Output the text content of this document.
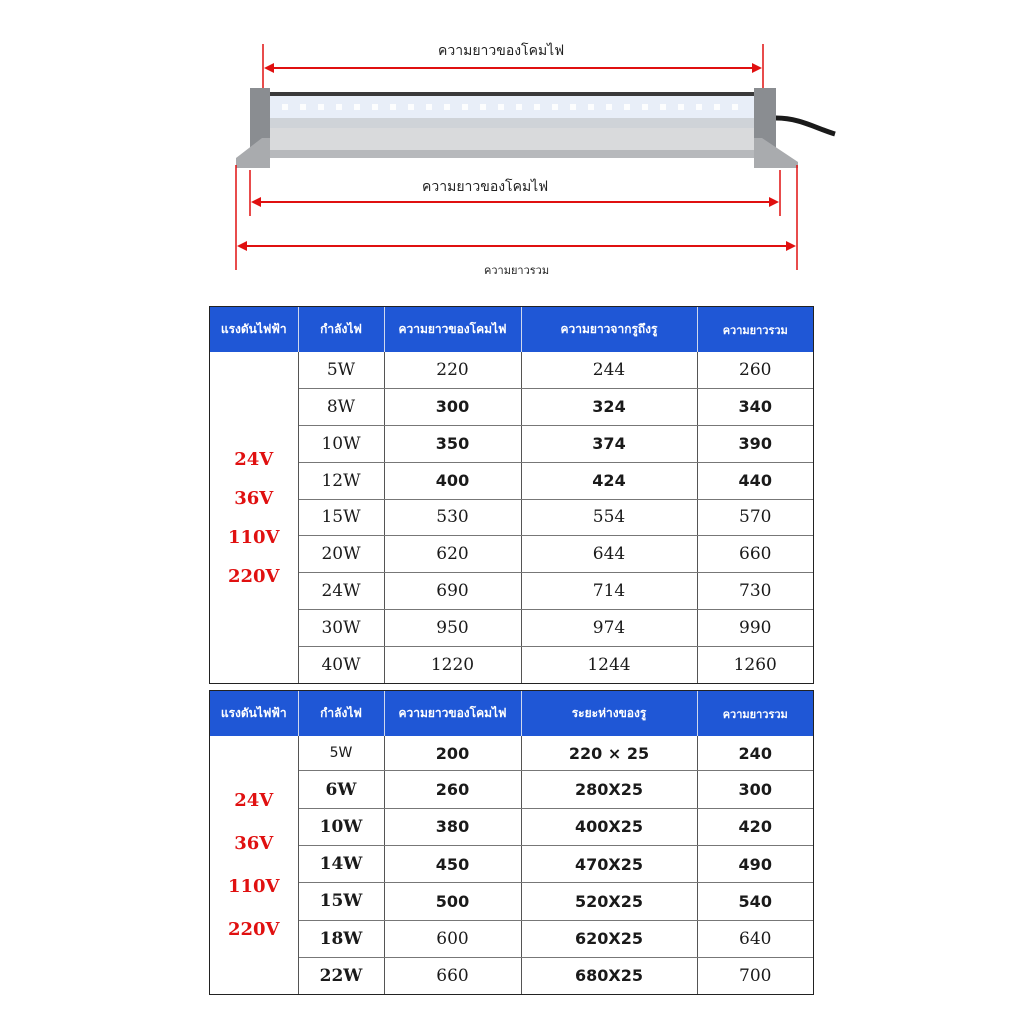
ความยาวของโคมไฟ
ความยาวของโคมไฟ
ความยาวรวม
แรงดันไฟฟ้า	กำลังไฟ	ความยาวของโคมไฟ	ความยาวจากรูถึงรู	ความยาวรวม

24V
36V
110V
220V	5W	220	244	260
	8W	300	324	340
	10W	350	374	390
	12W	400	424	440
	15W	530	554	570
	20W	620	644	660
	24W	690	714	730
	30W	950	974	990
	40W	1220	1244	1260
แรงดันไฟฟ้า	กำลังไฟ	ความยาวของโคมไฟ	ระยะห่างของรู	ความยาวรวม

24V
36V
110V
220V	5W	200	220 × 25	240
	6W	260	280X25	300
	10W	380	400X25	420
	14W	450	470X25	490
	15W	500	520X25	540
	18W	600	620X25	640
	22W	660	680X25	700
